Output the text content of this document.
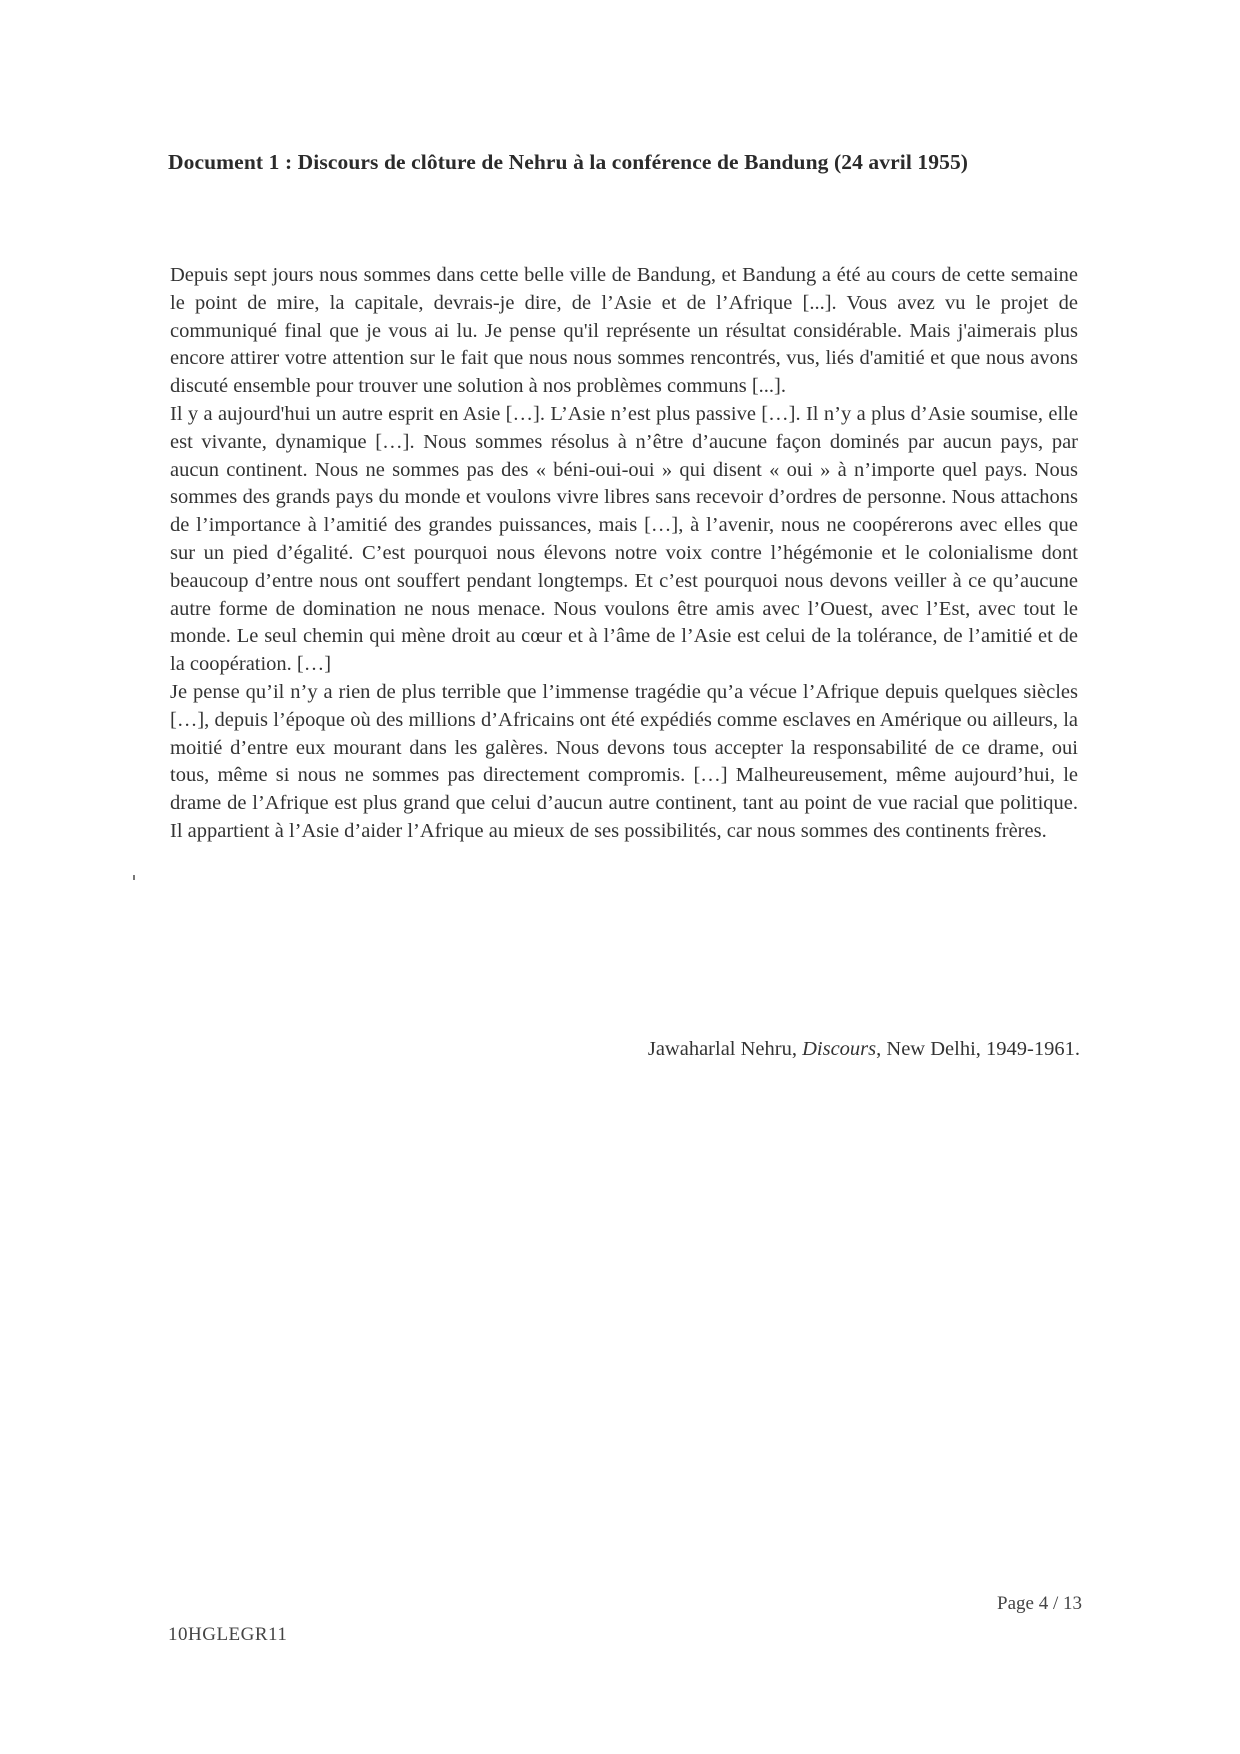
Document 1 : Discours de clôture de Nehru à la conférence de Bandung (24 avril 1955)

Depuis sept jours nous sommes dans cette belle ville de Bandung, et Bandung a été au cours de cette semaine le point de mire, la capitale, devrais-je dire, de l’Asie et de l’Afrique [...]. Vous avez vu le projet de communiqué final que je vous ai lu. Je pense qu'il représente un résultat considérable. Mais j'aimerais plus encore attirer votre attention sur le fait que nous nous sommes rencontrés, vus, liés d'amitié et que nous avons discuté ensemble pour trouver une solution à nos problèmes communs [...].

Il y a aujourd'hui un autre esprit en Asie […]. L’Asie n’est plus passive […]. Il n’y a plus d’Asie soumise, elle est vivante, dynamique […]. Nous sommes résolus à n’être d’aucune façon dominés par aucun pays, par aucun continent. Nous ne sommes pas des « béni-oui-oui » qui disent « oui » à n’importe quel pays. Nous sommes des grands pays du monde et voulons vivre libres sans recevoir d’ordres de personne. Nous attachons de l’importance à l’amitié des grandes puissances, mais […], à l’avenir, nous ne coopérerons avec elles que sur un pied d’égalité. C’est pourquoi nous élevons notre voix contre l’hégémonie et le colonialisme dont beaucoup d’entre nous ont souffert pendant longtemps. Et c’est pourquoi nous devons veiller à ce qu’aucune autre forme de domination ne nous menace. Nous voulons être amis avec l’Ouest, avec l’Est, avec tout le monde. Le seul chemin qui mène droit au cœur et à l’âme de l’Asie est celui de la tolérance, de l’amitié et de la coopération. […]

Je pense qu’il n’y a rien de plus terrible que l’immense tragédie qu’a vécue l’Afrique depuis quelques siècles […], depuis l’époque où des millions d’Africains ont été expédiés comme esclaves en Amérique ou ailleurs, la moitié d’entre eux mourant dans les galères. Nous devons tous accepter la responsabilité de ce drame, oui tous, même si nous ne sommes pas directement compromis. […] Malheureusement, même aujourd’hui, le drame de l’Afrique est plus grand que celui d’aucun autre continent, tant au point de vue racial que politique. Il appartient à l’Asie d’aider l’Afrique au mieux de ses possibilités, car nous sommes des continents frères.

Jawaharlal Nehru, Discours, New Delhi, 1949-1961.
Page 4 / 13
10HGLEGR11
